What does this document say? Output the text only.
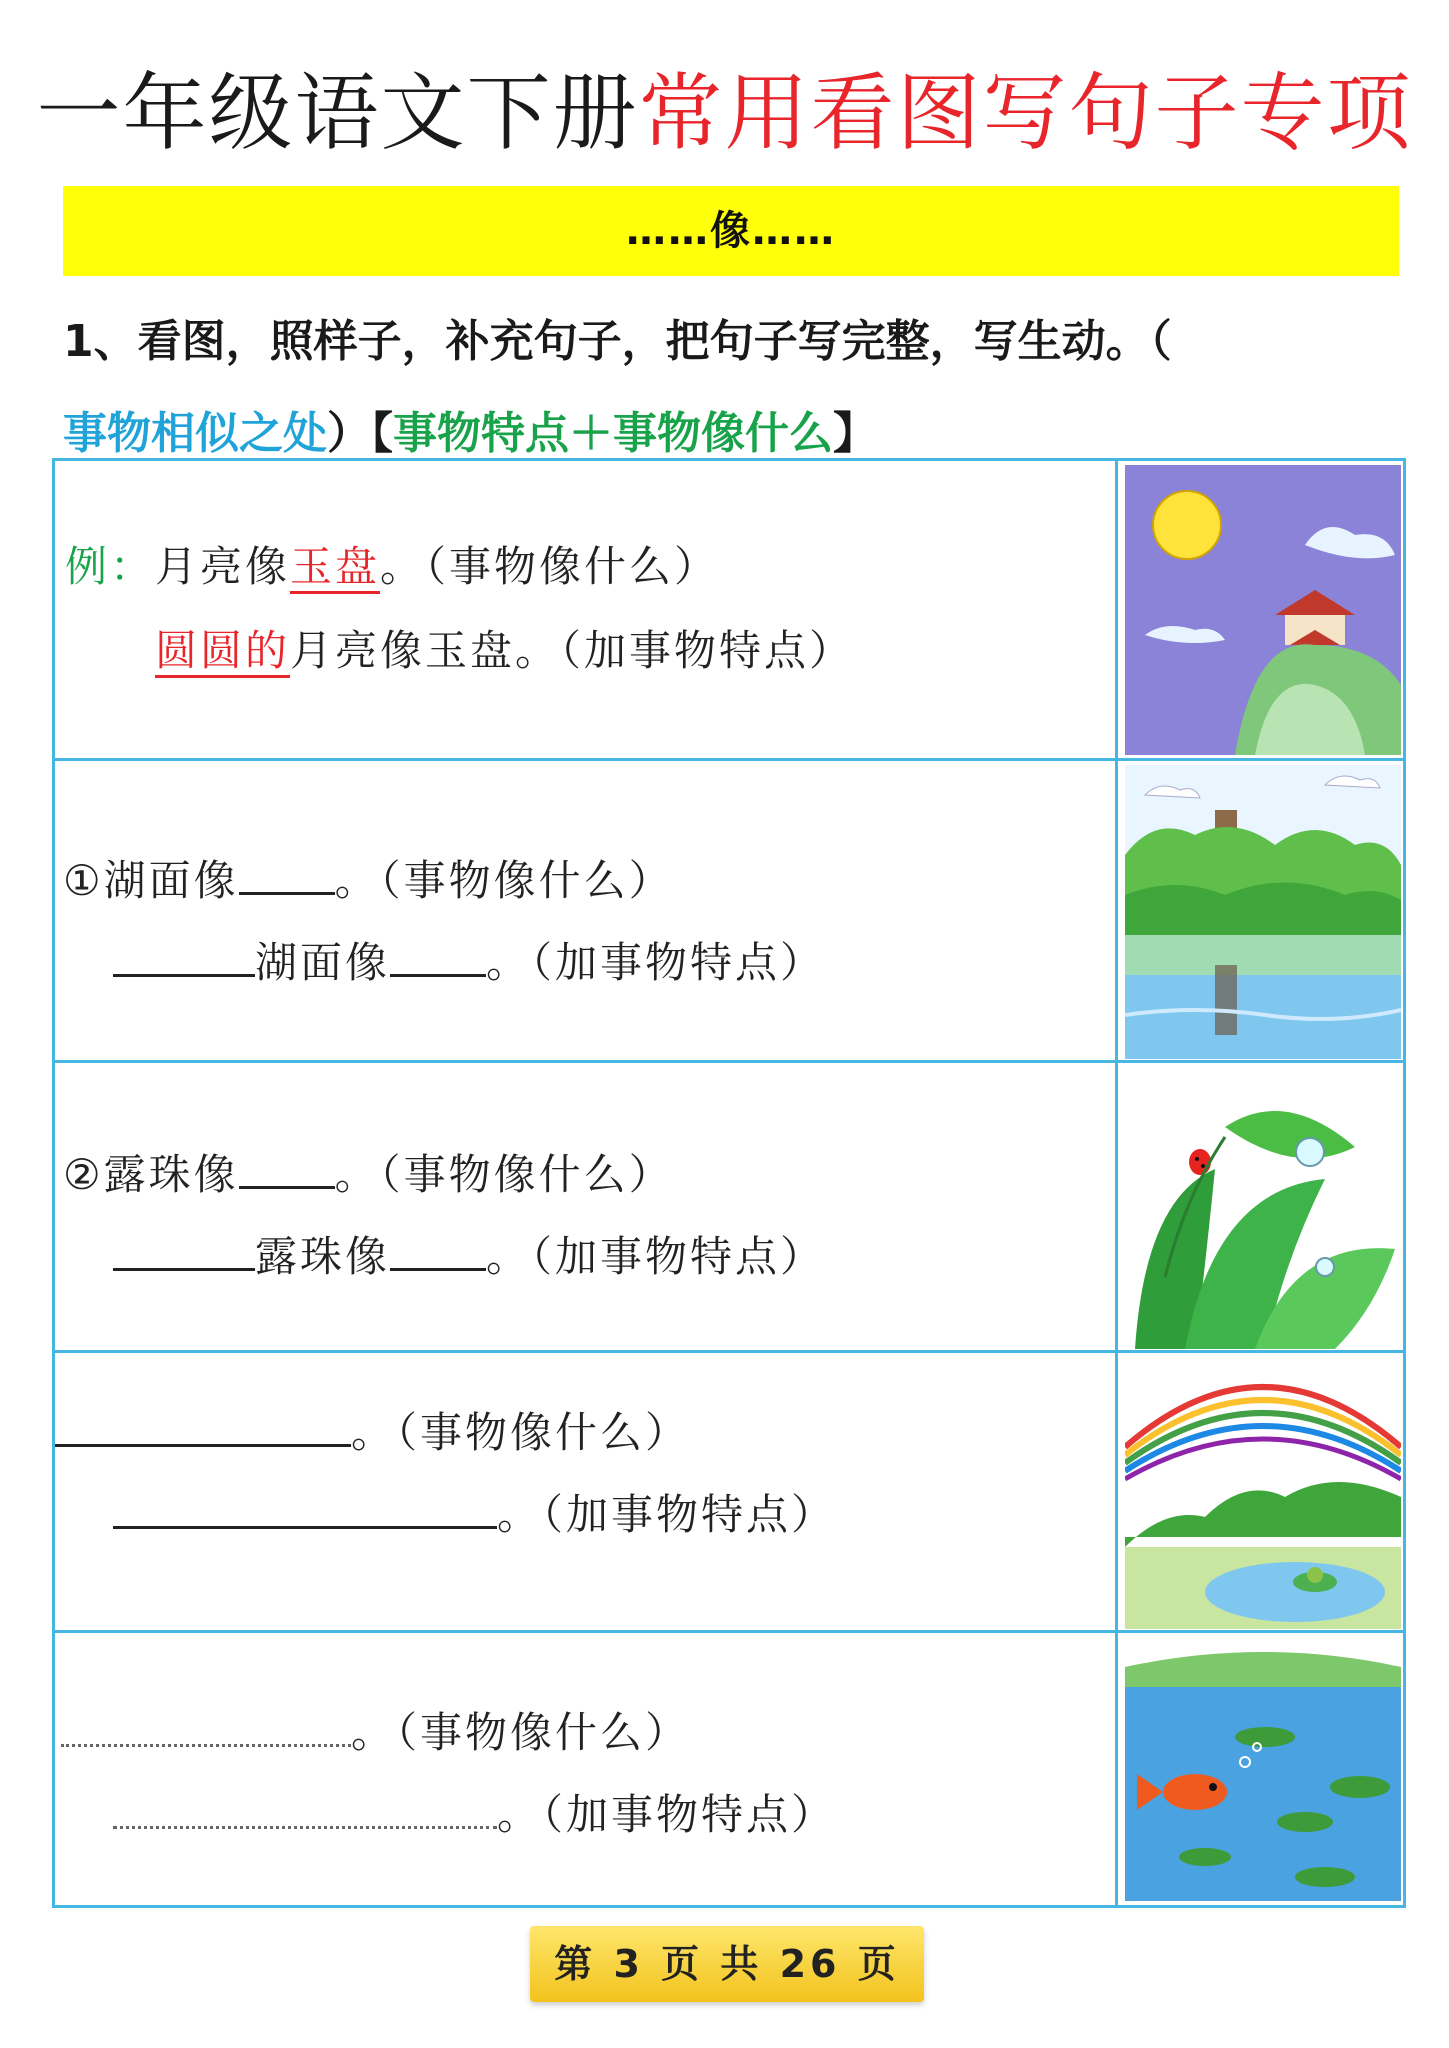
一年级语文下册常用看图写句子专项
……像……
1、看图，照样子，补充句子，把句子写完整，写生动。（
事物相似之处）【事物特点＋事物像什么】
例：月亮像玉盘。（事物像什么）
圆圆的月亮像玉盘。（加事物特点）
①湖面像 。（事物像什么）
湖面像 。（加事物特点）
②露珠像 。（事物像什么）
露珠像 。（加事物特点）
。（事物像什么）
。（加事物特点）
。（事物像什么）
。（加事物特点）
第 3 页 共 26 页
